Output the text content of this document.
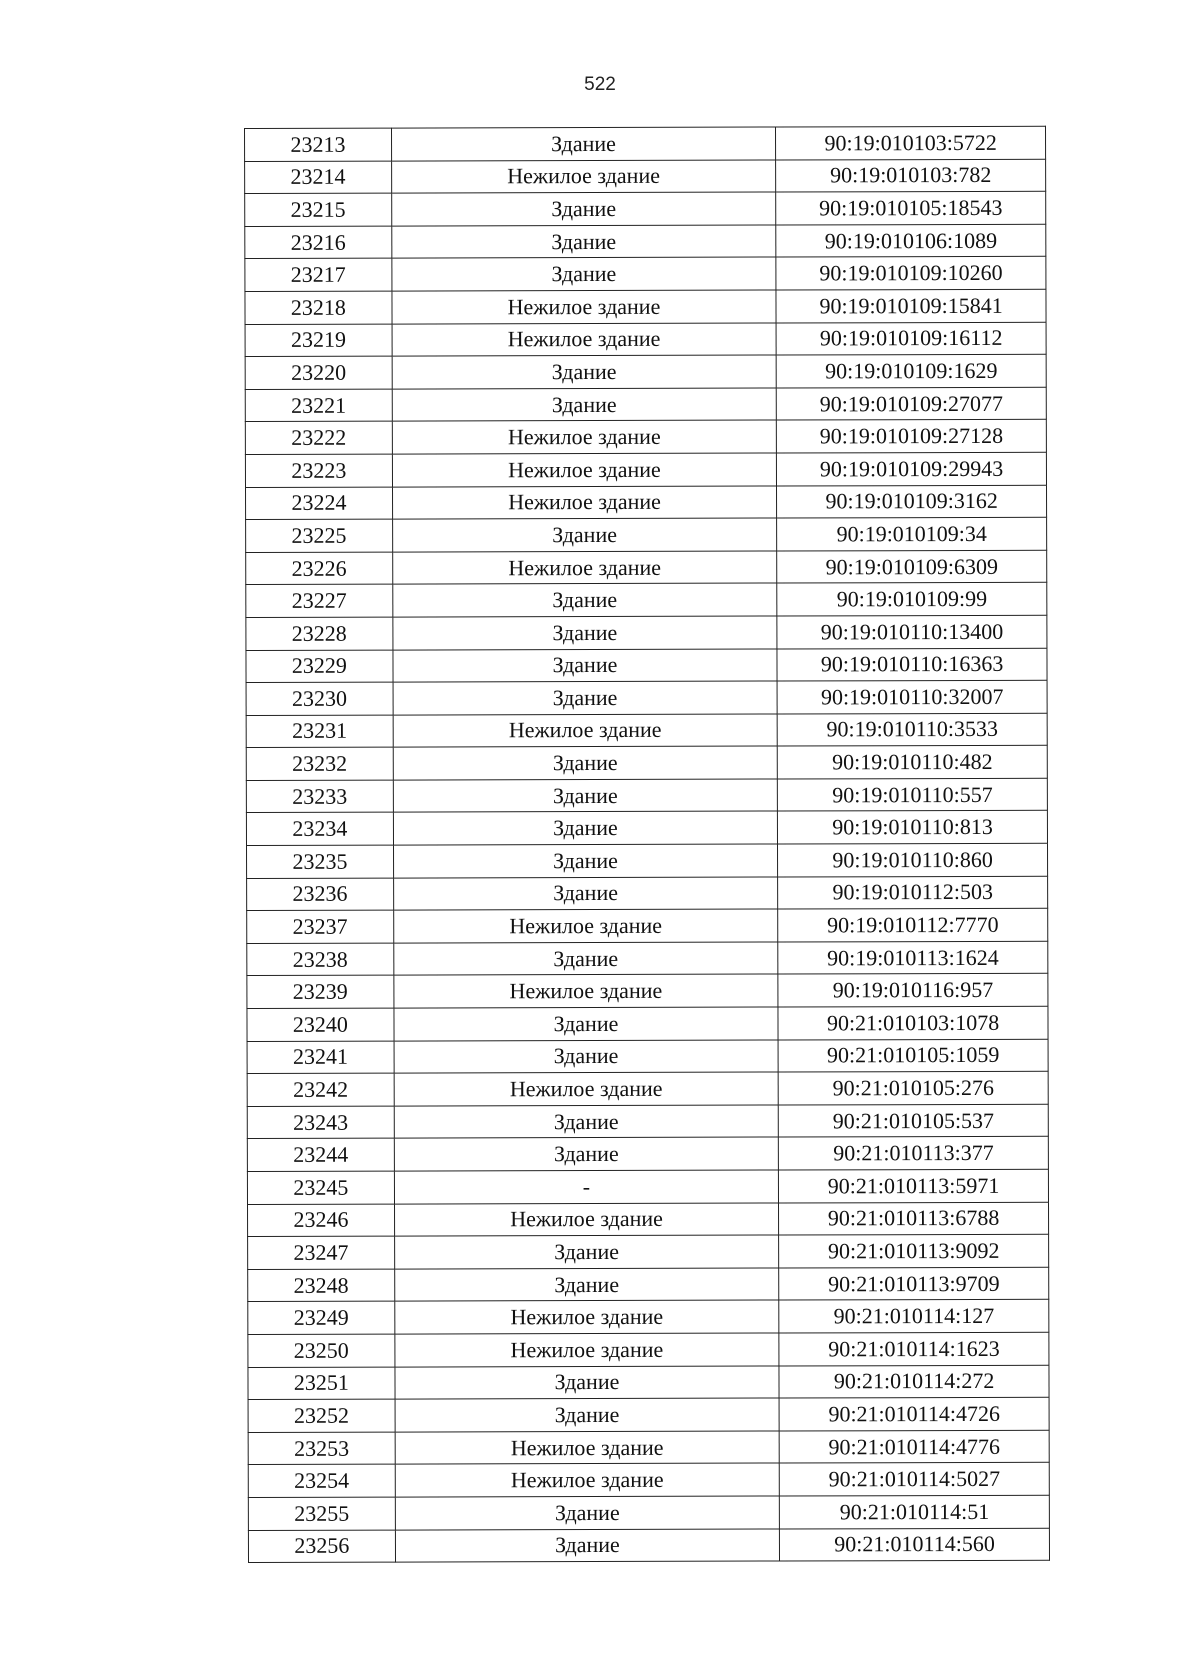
522
23213	Здание	90:19:010103:5722
23214	Нежилое здание	90:19:010103:782
23215	Здание	90:19:010105:18543
23216	Здание	90:19:010106:1089
23217	Здание	90:19:010109:10260
23218	Нежилое здание	90:19:010109:15841
23219	Нежилое здание	90:19:010109:16112
23220	Здание	90:19:010109:1629
23221	Здание	90:19:010109:27077
23222	Нежилое здание	90:19:010109:27128
23223	Нежилое здание	90:19:010109:29943
23224	Нежилое здание	90:19:010109:3162
23225	Здание	90:19:010109:34
23226	Нежилое здание	90:19:010109:6309
23227	Здание	90:19:010109:99
23228	Здание	90:19:010110:13400
23229	Здание	90:19:010110:16363
23230	Здание	90:19:010110:32007
23231	Нежилое здание	90:19:010110:3533
23232	Здание	90:19:010110:482
23233	Здание	90:19:010110:557
23234	Здание	90:19:010110:813
23235	Здание	90:19:010110:860
23236	Здание	90:19:010112:503
23237	Нежилое здание	90:19:010112:7770
23238	Здание	90:19:010113:1624
23239	Нежилое здание	90:19:010116:957
23240	Здание	90:21:010103:1078
23241	Здание	90:21:010105:1059
23242	Нежилое здание	90:21:010105:276
23243	Здание	90:21:010105:537
23244	Здание	90:21:010113:377
23245	-	90:21:010113:5971
23246	Нежилое здание	90:21:010113:6788
23247	Здание	90:21:010113:9092
23248	Здание	90:21:010113:9709
23249	Нежилое здание	90:21:010114:127
23250	Нежилое здание	90:21:010114:1623
23251	Здание	90:21:010114:272
23252	Здание	90:21:010114:4726
23253	Нежилое здание	90:21:010114:4776
23254	Нежилое здание	90:21:010114:5027
23255	Здание	90:21:010114:51
23256	Здание	90:21:010114:560
